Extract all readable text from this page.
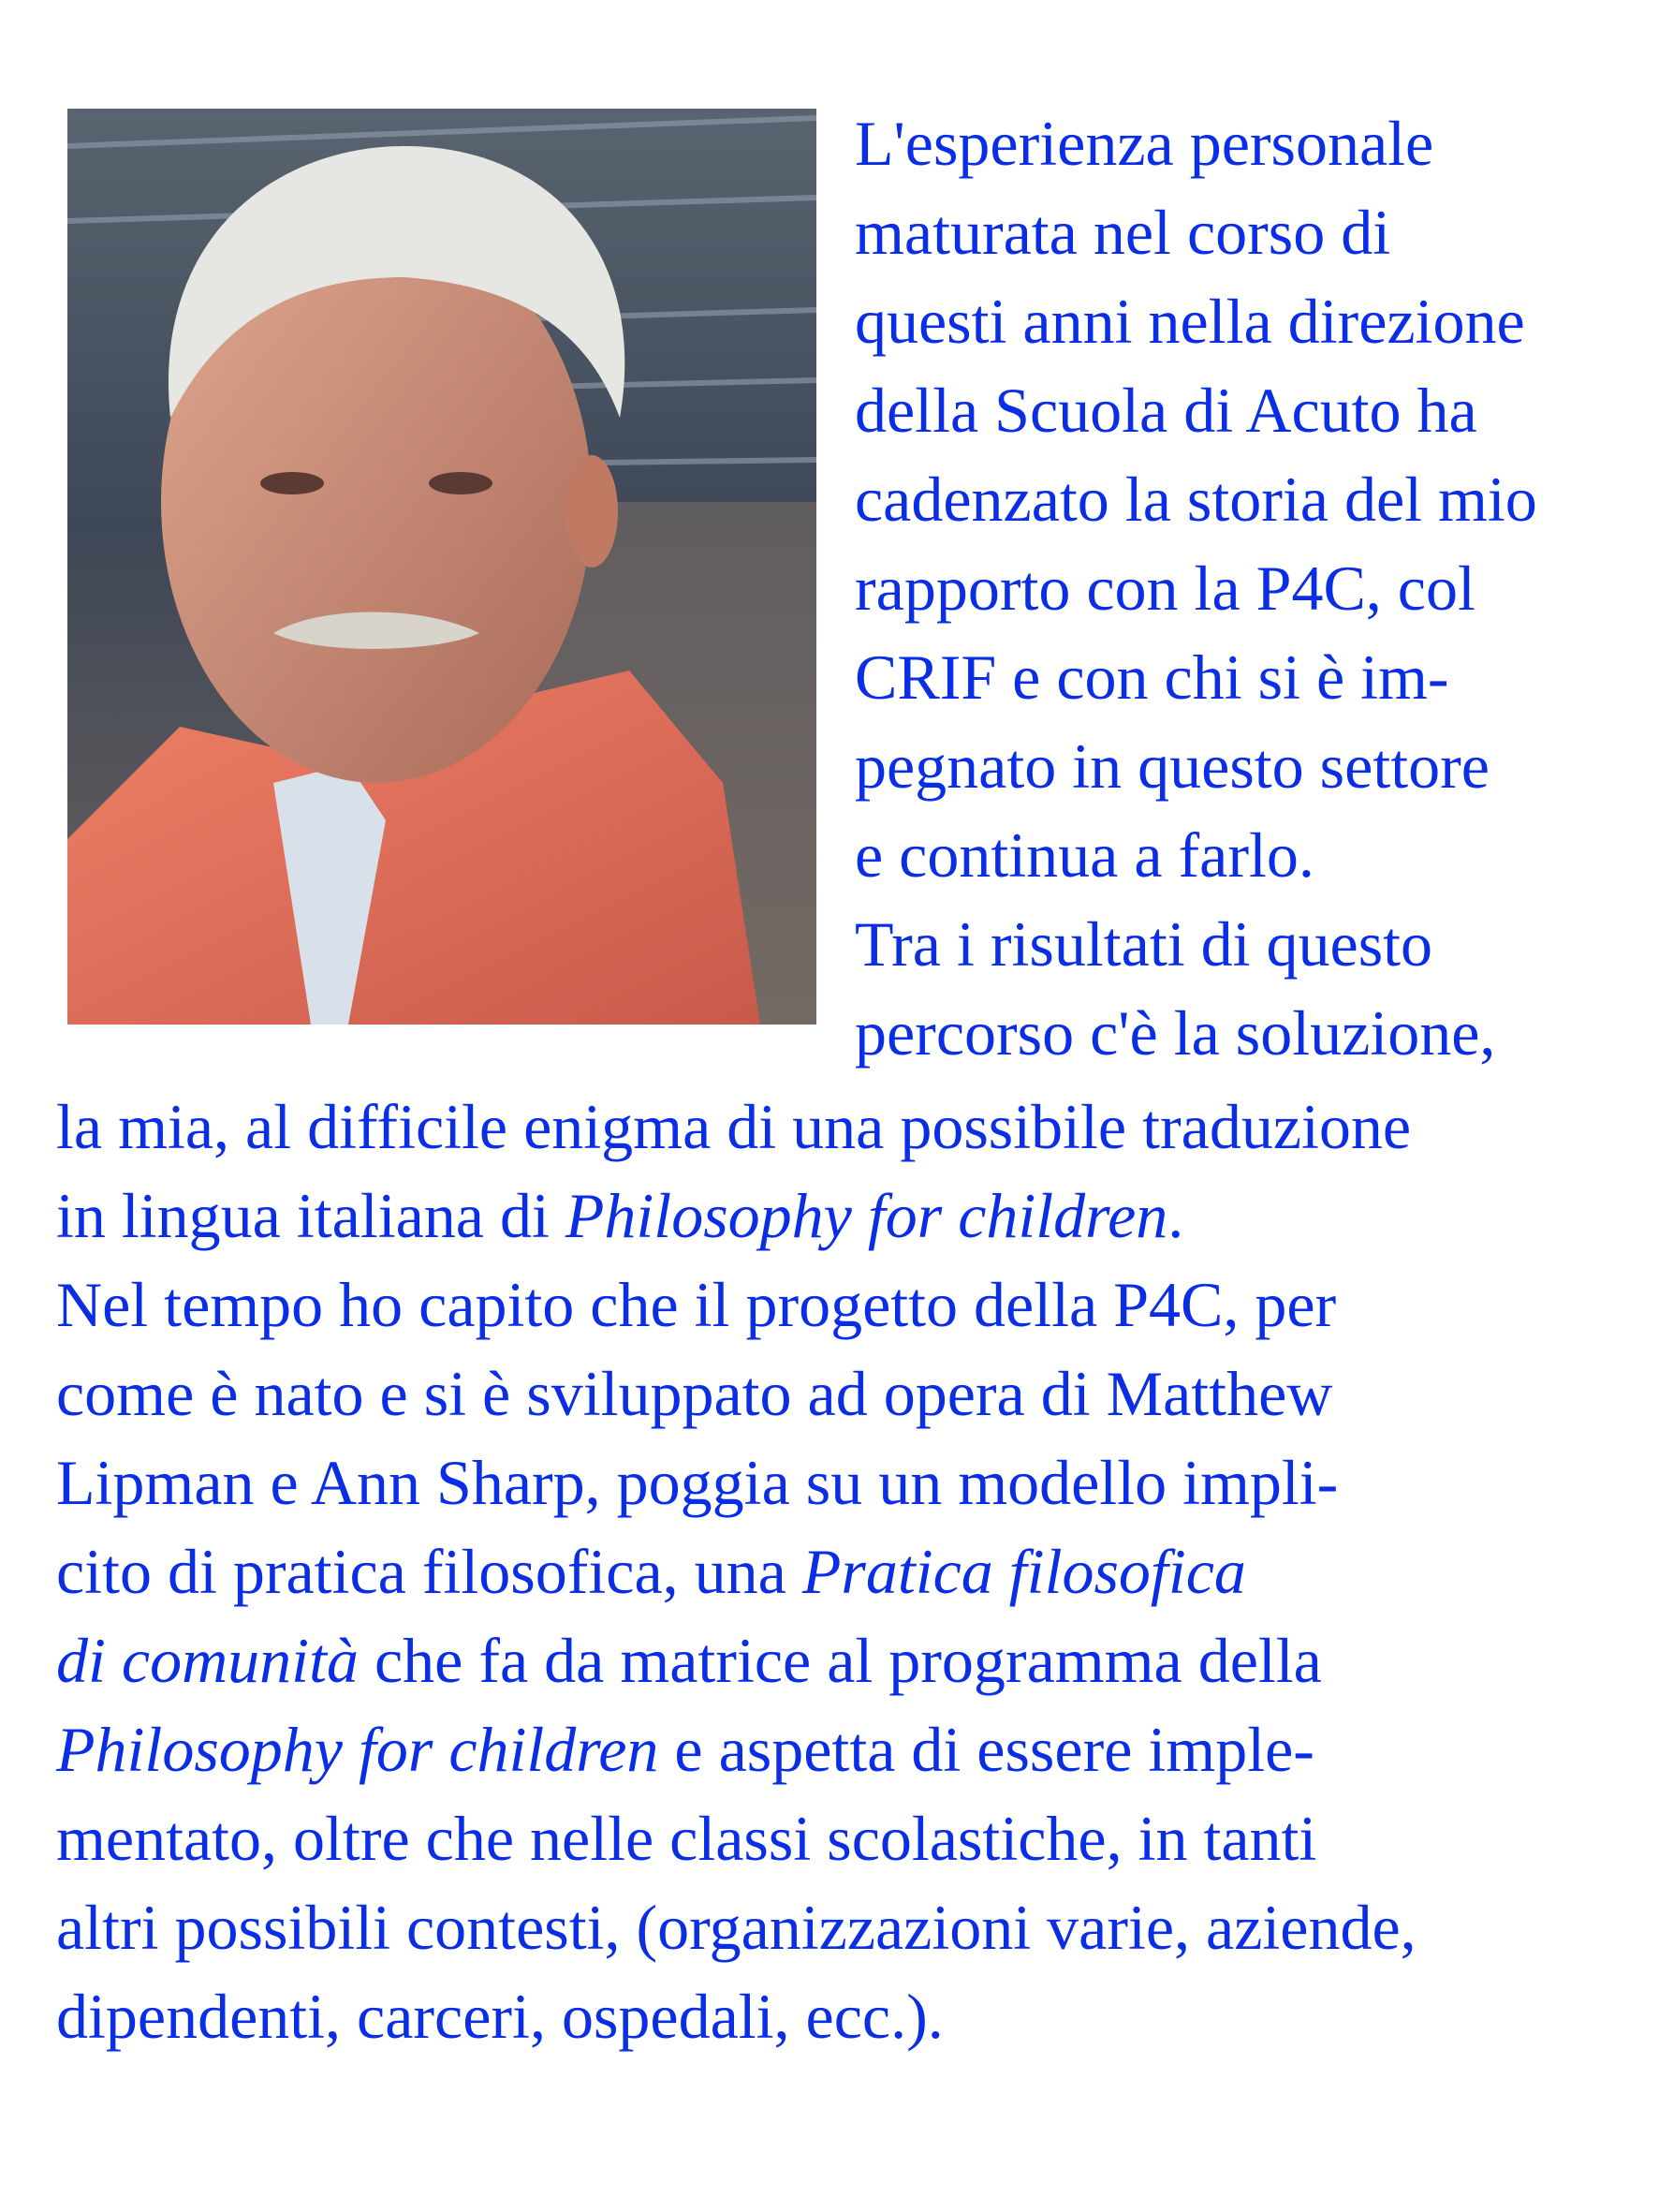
L'esperienza personale

maturata nel corso di

questi anni nella direzione

della Scuola di Acuto ha

cadenzato la storia del mio

rapporto con la P4C, col

CRIF e con chi si è im-

pegnato in questo settore

e continua a farlo.

Tra i risultati di questo

percorso c'è la soluzione,

la mia, al difficile enigma di una possibile traduzione

in lingua italiana di Philosophy for children.

Nel tempo ho capito che il progetto della P4C, per

come è nato e si è sviluppato ad opera di Matthew

Lipman e Ann Sharp, poggia su un modello impli-

cito di pratica filosofica, una Pratica filosofica

di comunità che fa da matrice al programma della

Philosophy for children e aspetta di essere imple-

mentato, oltre che nelle classi scolastiche, in tanti

altri possibili contesti, (organizzazioni varie, aziende,

dipendenti, carceri, ospedali, ecc.).
